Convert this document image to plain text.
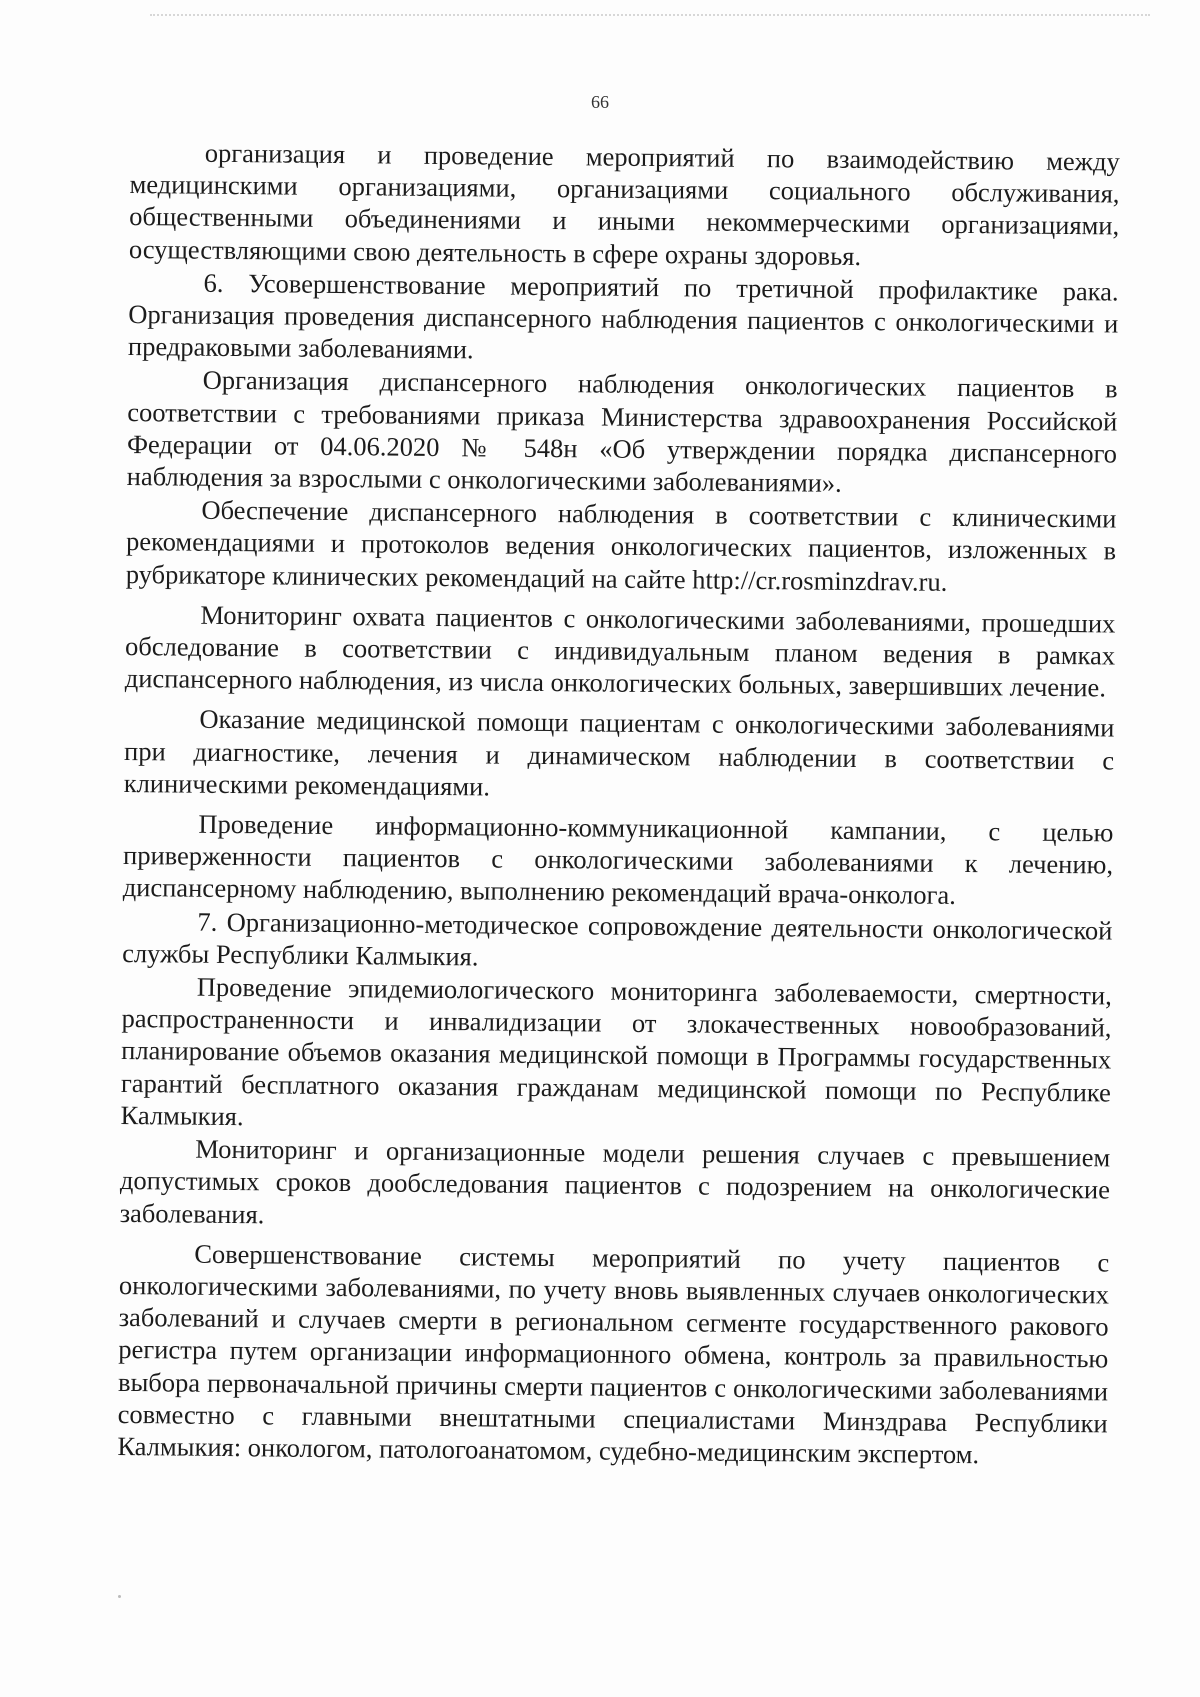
66

организация и проведение мероприятий по взаимодействию между медицинскими организациями, организациями социального обслуживания, общественными объединениями и иными некоммерческими организациями, осуществляющими свою деятельность в сфере охраны здоровья.

6. Усовершенствование мероприятий по третичной профилактике рака. Организация проведения диспансерного наблюдения пациентов с онкологическими и предраковыми заболеваниями.

Организация диспансерного наблюдения онкологических пациентов в соответствии с требованиями приказа Министерства здравоохранения Российской Федерации от 04.06.2020 № 548н «Об утверждении порядка диспансерного наблюдения за взрослыми с онкологическими заболеваниями».

Обеспечение диспансерного наблюдения в соответствии с клиническими рекомендациями и протоколов ведения онкологических пациентов, изложенных в рубрикаторе клинических рекомендаций на сайте http://cr.rosminzdrav.ru.

Мониторинг охвата пациентов с онкологическими заболеваниями, прошедших обследование в соответствии с индивидуальным планом ведения в рамках диспансерного наблюдения, из числа онкологических больных, завершивших лечение.

Оказание медицинской помощи пациентам с онкологическими заболеваниями при диагностике, лечения и динамическом наблюдении в соответствии с клиническими рекомендациями.

Проведение информационно-коммуникационной кампании, с целью приверженности пациентов с онкологическими заболеваниями к лечению, диспансерному наблюдению, выполнению рекомендаций врача-онколога.

7. Организационно-методическое сопровождение деятельности онкологической службы Республики Калмыкия.

Проведение эпидемиологического мониторинга заболеваемости, смертности, распространенности и инвалидизации от злокачественных новообразований, планирование объемов оказания медицинской помощи в Программы государственных гарантий бесплатного оказания гражданам медицинской помощи по Республике Калмыкия.

Мониторинг и организационные модели решения случаев с превышением допустимых сроков дообследования пациентов с подозрением на онкологические заболевания.

Совершенствование системы мероприятий по учету пациентов с онкологическими заболеваниями, по учету вновь выявленных случаев онкологических заболеваний и случаев смерти в региональном сегменте государственного ракового регистра путем организации информационного обмена, контроль за правильностью выбора первоначальной причины смерти пациентов с онкологическими заболеваниями совместно с главными внештатными специалистами Минздрава Республики Калмыкия: онкологом, патологоанатомом, судебно-медицинским экспертом.
